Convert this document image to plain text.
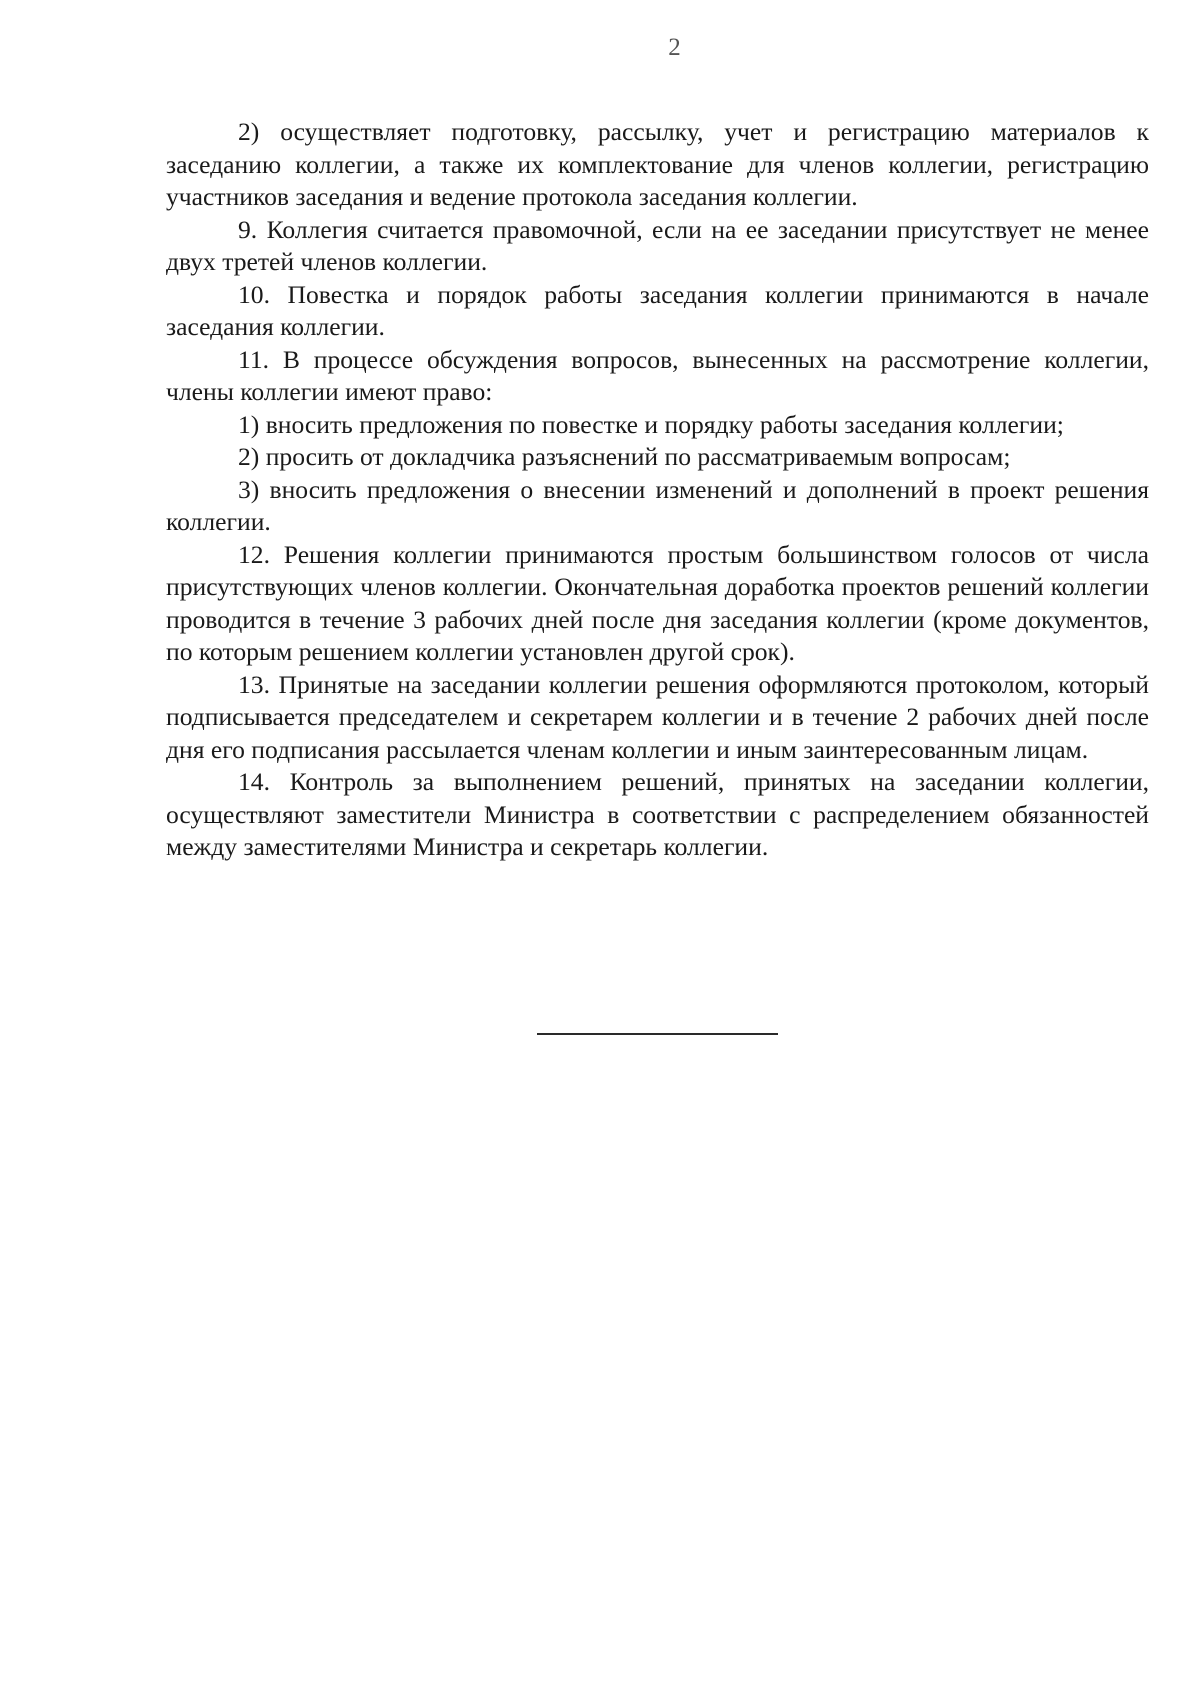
2

2) осуществляет подготовку, рассылку, учет и регистрацию материалов к заседанию коллегии, а также их комплектование для членов коллегии, регистрацию участников заседания и ведение протокола заседания коллегии.

9. Коллегия считается правомочной, если на ее заседании присутствует не менее двух третей членов коллегии.

10. Повестка и порядок работы заседания коллегии принимаются в начале заседания коллегии.

11. В процессе обсуждения вопросов, вынесенных на рассмотрение коллегии, члены коллегии имеют право:

1) вносить предложения по повестке и порядку работы заседания коллегии;

2) просить от докладчика разъяснений по рассматриваемым вопросам;

3) вносить предложения о внесении изменений и дополнений в проект решения коллегии.

12. Решения коллегии принимаются простым большинством голосов от числа присутствующих членов коллегии. Окончательная доработка проектов решений коллегии проводится в течение 3 рабочих дней после дня заседания коллегии (кроме документов, по которым решением коллегии установлен другой срок).

13. Принятые на заседании коллегии решения оформляются протоколом, который подписывается председателем и секретарем коллегии и в течение 2 рабочих дней после дня его подписания рассылается членам коллегии и иным заинтересованным лицам.

14. Контроль за выполнением решений, принятых на заседании коллегии, осуществляют заместители Министра в соответствии с распределением обязанностей между заместителями Министра и секретарь коллегии.
